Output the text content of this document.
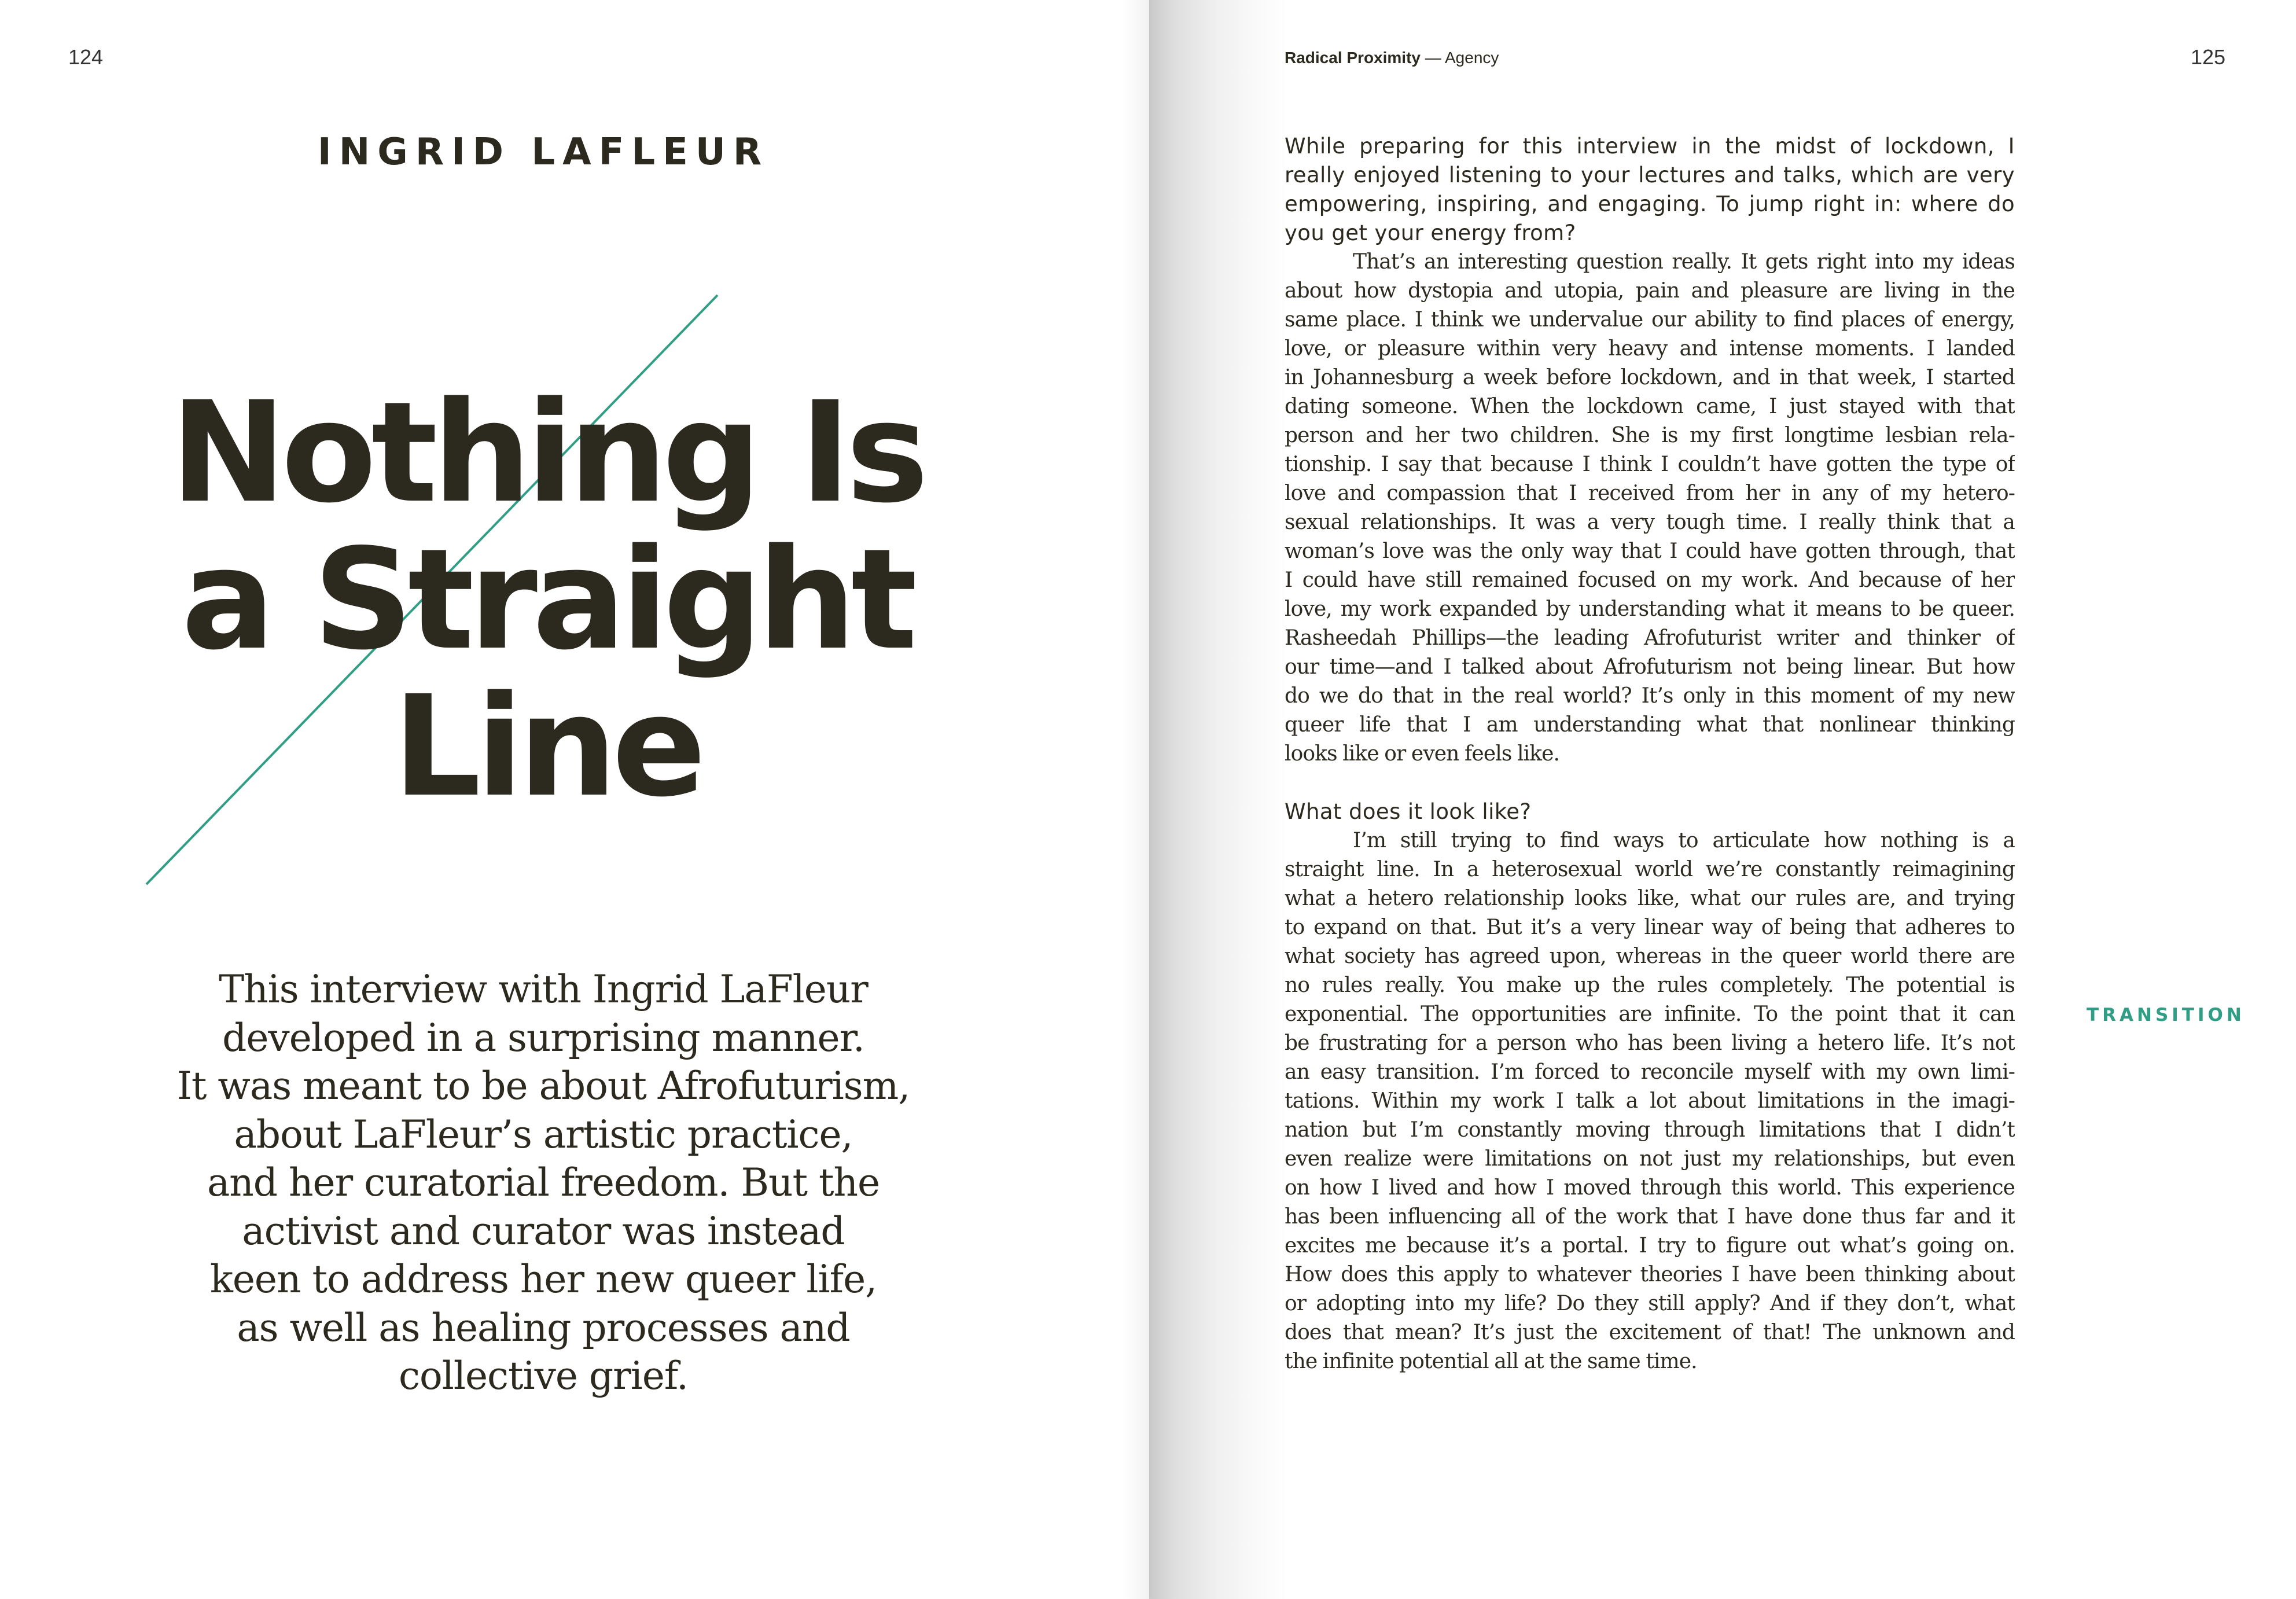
124
INGRID LAFLEUR
Nothing Is
a Straight
Line
This interview with Ingrid LaFleur
developed in a surprising manner.
It was meant to be about Afrofuturism,
about LaFleur’s artistic practice,
and her curatorial freedom. But the
activist and curator was instead
keen to address her new queer life,
as well as healing processes and
collective grief.
Radical Proximity — Agency	125
While preparing for this interview in the midst of lockdown, I
really enjoyed listening to your lectures and talks, which are very
empowering, inspiring, and engaging. To jump right in: where do
you get your energy from?
That’s an interesting question really. It gets right into my ideas
about how dystopia and utopia, pain and pleasure are living in the
same place. I think we undervalue our ability to find places of energy,
love, or pleasure within very heavy and intense moments. I landed
in Johannesburg a week before lockdown, and in that week, I started
dating someone. When the lockdown came, I just stayed with that
person and her two children. She is my first longtime lesbian rela-
tionship. I say that because I think I couldn’t have gotten the type of
love and compassion that I received from her in any of my hetero-
sexual relationships. It was a very tough time. I really think that a
woman’s love was the only way that I could have gotten through, that
I could have still remained focused on my work. And because of her
love, my work expanded by understanding what it means to be queer.
Rasheedah Phillips—the leading Afrofuturist writer and thinker of
our time—and I talked about Afrofuturism not being linear. But how
do we do that in the real world? It’s only in this moment of my new
queer life that I am understanding what that nonlinear thinking
looks like or even feels like.
What does it look like?
I’m still trying to find ways to articulate how nothing is a
straight line. In a heterosexual world we’re constantly reimagining
what a hetero relationship looks like, what our rules are, and trying
to expand on that. But it’s a very linear way of being that adheres to
what society has agreed upon, whereas in the queer world there are
no rules really. You make up the rules completely. The potential is
exponential. The opportunities are infinite. To the point that it can
be frustrating for a person who has been living a hetero life. It’s not
an easy transition. I’m forced to reconcile myself with my own limi-
tations. Within my work I talk a lot about limitations in the imagi-
nation but I’m constantly moving through limitations that I didn’t
even realize were limitations on not just my relationships, but even
on how I lived and how I moved through this world. This experience
has been influencing all of the work that I have done thus far and it
excites me because it’s a portal. I try to figure out what’s going on.
How does this apply to whatever theories I have been thinking about
or adopting into my life? Do they still apply? And if they don’t, what
does that mean? It’s just the excitement of that! The unknown and
the infinite potential all at the same time.
TRANSITION
